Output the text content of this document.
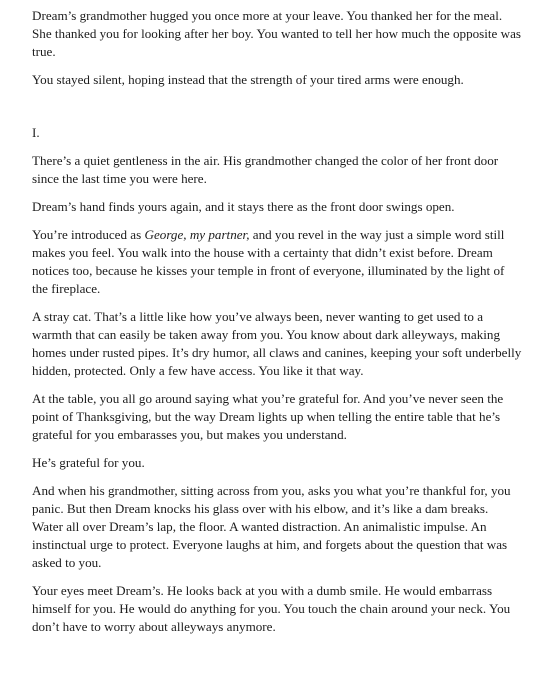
Dream’s grandmother hugged you once more at your leave. You thanked her for the meal. She thanked you for looking after her boy. You wanted to tell her how much the opposite was true.

You stayed silent, hoping instead that the strength of your tired arms were enough.

I.

There’s a quiet gentleness in the air. His grandmother changed the color of her front door since the last time you were here.

Dream’s hand finds yours again, and it stays there as the front door swings open.

You’re introduced as George, my partner, and you revel in the way just a simple word still makes you feel. You walk into the house with a certainty that didn’t exist before. Dream notices too, because he kisses your temple in front of everyone, illuminated by the light of the fireplace.

A stray cat. That’s a little like how you’ve always been, never wanting to get used to a warmth that can easily be taken away from you. You know about dark alleyways, making homes under rusted pipes. It’s dry humor, all claws and canines, keeping your soft underbelly hidden, protected. Only a few have access. You like it that way.

At the table, you all go around saying what you’re grateful for. And you’ve never seen the point of Thanksgiving, but the way Dream lights up when telling the entire table that he’s grateful for you embarasses you, but makes you understand.

He’s grateful for you.

And when his grandmother, sitting across from you, asks you what you’re thankful for, you panic. But then Dream knocks his glass over with his elbow, and it’s like a dam breaks. Water all over Dream’s lap, the floor. A wanted distraction. An animalistic impulse. An instinctual urge to protect. Everyone laughs at him, and forgets about the question that was asked to you.

Your eyes meet Dream’s. He looks back at you with a dumb smile. He would embarrass himself for you. He would do anything for you. You touch the chain around your neck. You don’t have to worry about alleyways anymore.
